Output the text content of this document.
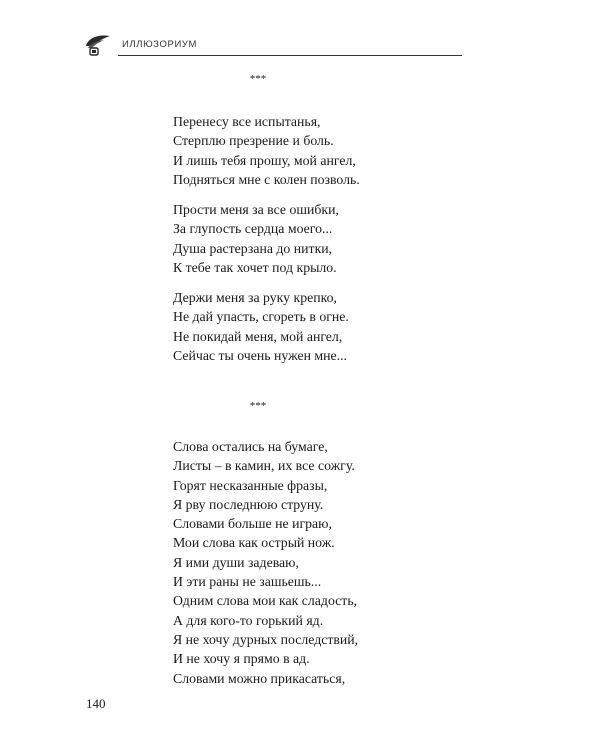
ИЛЛЮЗОРИУМ
***
Перенесу все испытанья,
Стерплю презрение и боль.
И лишь тебя прошу, мой ангел,
Подняться мне с колен позволь.
Прости меня за все ошибки,
За глупость сердца моего...
Душа растерзана до нитки,
К тебе так хочет под крыло.
Держи меня за руку крепко,
Не дай упасть, сгореть в огне.
Не покидай меня, мой ангел,
Сейчас ты очень нужен мне...
***
Слова остались на бумаге,
Листы – в камин, их все сожгу.
Горят несказанные фразы,
Я рву последнюю струну.
Словами больше не играю,
Мои слова как острый нож.
Я ими души задеваю,
И эти раны не зашьешь...
Одним слова мои как сладость,
А для кого-то горький яд.
Я не хочу дурных последствий,
И не хочу я прямо в ад.
Словами можно прикасаться,
140
